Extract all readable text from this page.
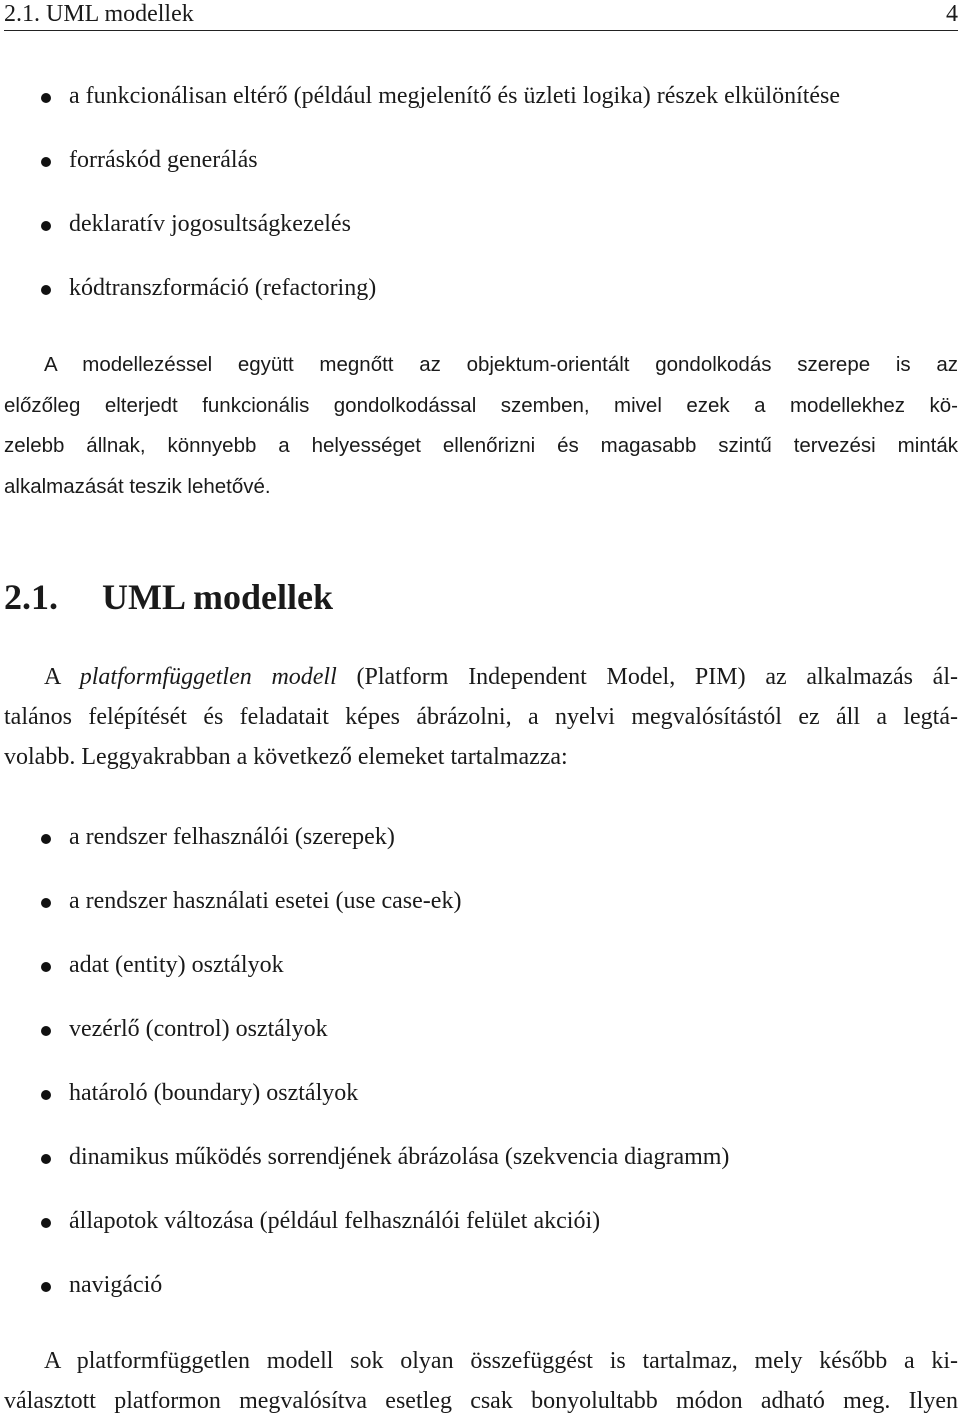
2.1. UML modellek	4
a funkcionálisan eltérő (például megjelenítő és üzleti logika) részek elkülönítése
forráskód generálás
deklaratív jogosultságkezelés
kódtranszformáció (refactoring)
A modellezéssel együtt megnőtt az objektum-orientált gondolkodás szerepe is az
előzőleg elterjedt funkcionális gondolkodással szemben, mivel ezek a modellekhez kö-
zelebb állnak, könnyebb a helyességet ellenőrizni és magasabb szintű tervezési minták
alkalmazását teszik lehetővé.
2.1. UML modellek
A platformfüggetlen modell (Platform Independent Model, PIM) az alkalmazás ál-
talános felépítését és feladatait képes ábrázolni, a nyelvi megvalósítástól ez áll a legtá-
volabb. Leggyakrabban a következő elemeket tartalmazza:
a rendszer felhasználói (szerepek)
a rendszer használati esetei (use case-ek)
adat (entity) osztályok
vezérlő (control) osztályok
határoló (boundary) osztályok
dinamikus működés sorrendjének ábrázolása (szekvencia diagramm)
állapotok változása (például felhasználói felület akciói)
navigáció
A platformfüggetlen modell sok olyan összefüggést is tartalmaz, mely később a ki-
választott platformon megvalósítva esetleg csak bonyolultabb módon adható meg. Ilyen
